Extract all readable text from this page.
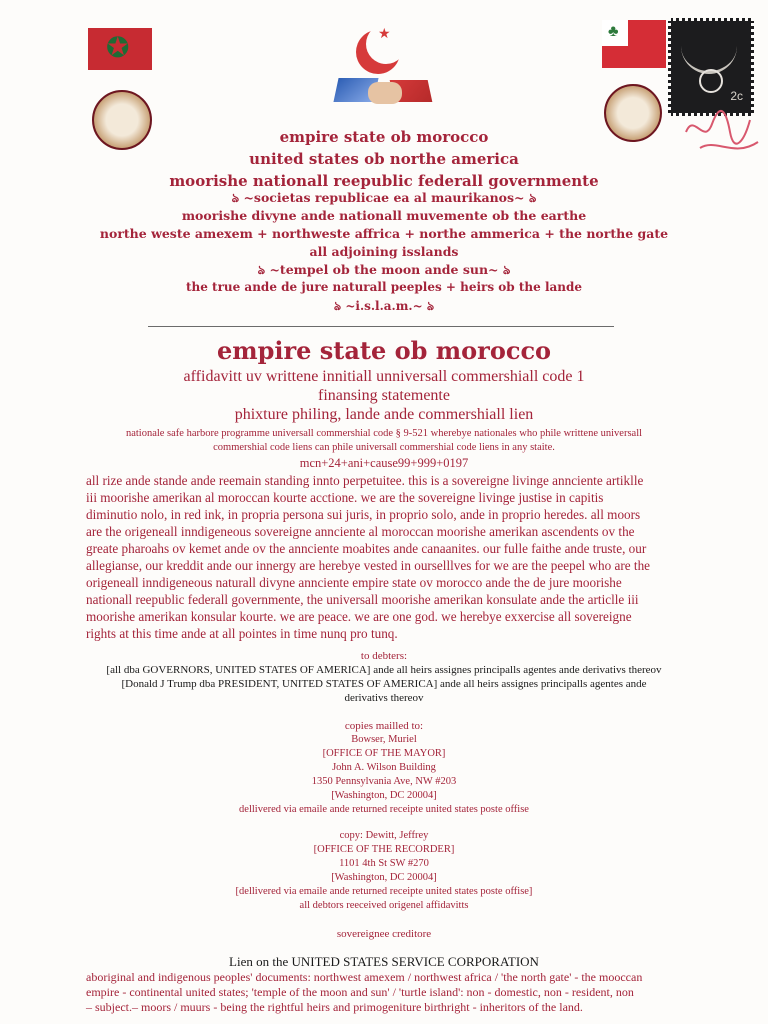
✪	★	♣
2c
empire state ob morocco
united states ob northe america
moorishe nationall reepublic federall governmente
ঌ ~societas republicae ea al maurikanos~ ঌ
moorishe divyne ande nationall muvemente ob the earthe
northe weste amexem + northweste affrica + northe ammerica + the northe gate
all adjoining isslands
ঌ ~tempel ob the moon ande sun~ ঌ
the true ande de jure naturall peeples + heirs ob the lande
ঌ ~i.s.l.a.m.~ ঌ
empire state ob morocco
affidavitt uv writtene innitiall unniversall commershiall code 1
finansing statemente
phixture philing, lande ande commershiall lien
nationale safe harbore programme universall commershial code § 9-521 wherebye nationales who phile writtene universall
commershial code liens can phile universall commershial code liens in any staite.
mcn+24+ani+cause99+999+0197
all rize ande stande ande reemain standing innto perpetuitee. this is a sovereigne livinge annciente artiklle
iii moorishe amerikan al moroccan kourte acctione. we are the sovereigne livinge justise in capitis
diminutio nolo, in red ink, in propria persona sui juris, in proprio solo, ande in proprio heredes. all moors
are the origeneall inndigeneous sovereigne annciente al moroccan moorishe amerikan ascendents ov the
greate pharoahs ov kemet ande ov the annciente moabites ande canaanites. our fulle faithe ande truste, our
allegianse, our kreddit ande our innergy are herebye vested in ourselllves for we are the peepel who are the
origeneall inndigeneous naturall divyne annciente empire state ov morocco ande the de jure moorishe
nationall reepublic federall governmente, the universall moorishe amerikan konsulate ande the articlle iii
moorishe amerikan konsular kourte. we are peace. we are one god. we herebye exxercise all sovereigne
rights at this time ande at all pointes in time nunq pro tunq.
to debters:
[all dba GOVERNORS, UNITED STATES OF AMERICA] ande all heirs assignes principalls agentes ande derivativs thereov
[Donald J Trump dba PRESIDENT, UNITED STATES OF AMERICA] ande all heirs assignes principalls agentes ande
derivativs thereov
copies mailled to:
Bowser, Muriel
[OFFICE OF THE MAYOR]
John A. Wilson Building
1350 Pennsylvania Ave, NW #203
[Washington, DC 20004]
dellivered via emaile ande returned receipte united states poste offise
copy: Dewitt, Jeffrey
[OFFICE OF THE RECORDER]
1101 4th St SW #270
[Washington, DC 20004]
[dellivered via emaile ande returned receipte united states poste offise]
all debtors reeceived origenel affidavitts
sovereignee creditore
Lien on the UNITED STATES SERVICE CORPORATION
aboriginal and indigenous peoples' documents: northwest amexem / northwest africa / 'the north gate' - the mooccan
empire - continental united states; 'temple of the moon and sun' / 'turtle island': non - domestic, non - resident, non
– subject.– moors / muurs - being the rightful heirs and primogeniture birthright - inheritors of the land.
